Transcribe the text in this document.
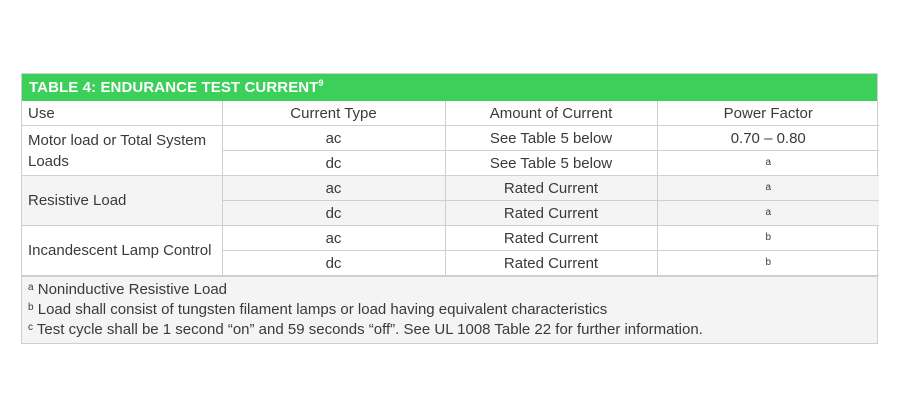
TABLE 4: ENDURANCE TEST CURRENT$^9$
Use	Current Type	Amount of Current	Power Factor
Motor load or Total System Loads	ac	See Table 5 below	0.70 – 0.80
	dc	See Table 5 below	$^a$
Resistive Load	ac	Rated Current	$^a$
	dc	Rated Current	$^a$
Incandescent Lamp Control	ac	Rated Current	$^b$
	dc	Rated Current	$^b$
$^a$ Noninductive Resistive Load
$^b$ Load shall consist of tungsten filament lamps or load having equivalent characteristics
$^c$ Test cycle shall be 1 second “on” and 59 seconds “off”. See UL 1008 Table 22 for further information.
